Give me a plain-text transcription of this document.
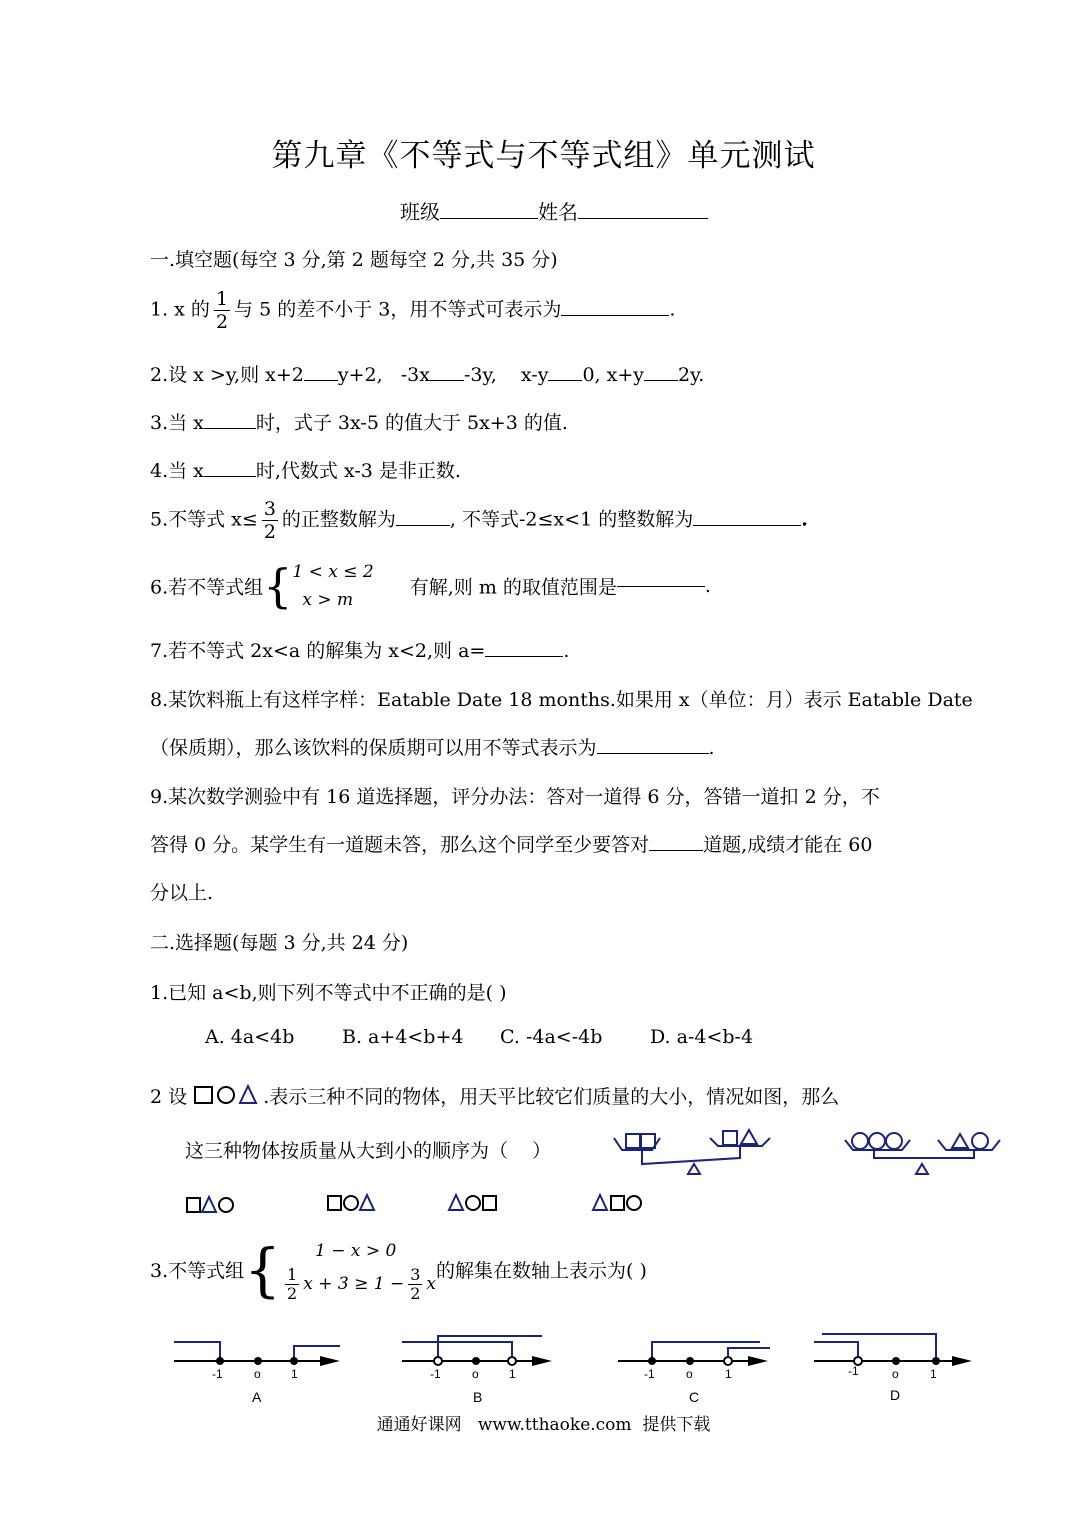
第九章《不等式与不等式组》单元测试
班级	姓名
一.填空题(每空 3 分,第 2 题每空 2 分,共 35 分)
1. x 的 $\frac{1}{2}$ 与 5 的差不小于 3，用不等式可表示为	.
2.设 x >y,则 x+2 y+2,   -3x -3y,    x-y 0, x+y 2y.
3.当 x	时，式子 3x-5 的值大于 5x+3 的值.
4.当 x	时,代数式 x-3 是非正数.
5.不等式 $x\le \frac{3}{2}$ 的正整数解为	, 不等式-2≤x<1 的整数解为	.
6.若不等式组{ 1 < x ≤ 2
x > m
有解,则 m 的取值范围是	.
7.若不等式 2x<a 的解集为 x<2,则 a=	.
8.某饮料瓶上有这样字样：Eatable Date 18 months.如果用 x（单位：月）表示 Eatable Date
（保质期），那么该饮料的保质期可以用不等式表示为	.
9.某次数学测验中有 16 道选择题，评分办法：答对一道得 6 分，答错一道扣 2 分，不
答得 0 分。某学生有一道题未答，那么这个同学至少要答对	道题,成绩才能在 60
分以上.
二.选择题(每题 3 分,共 24 分)
1.已知 a<b,则下列不等式中不正确的是( )
A. 4a<4b	B. a+4<b+4 C. -4a<-4b	D. a-4<b-4
2 设	.表示三种不同的物体，用天平比较它们质量的大小，情况如图，那么
这三种物体按质量从大到小的顺序为（    ）
3.不等式组{	1 − x > 0
$\frac{1}{2}$ $x + 3 \ge 1 - \frac{3}{2}$ x
的解集在数轴上表示为( )
-1	o	1
A
-1	o	1
B
-1	o	1
C
-1	o	1
D
通通好课网   www.tthaoke.com  提供下载
